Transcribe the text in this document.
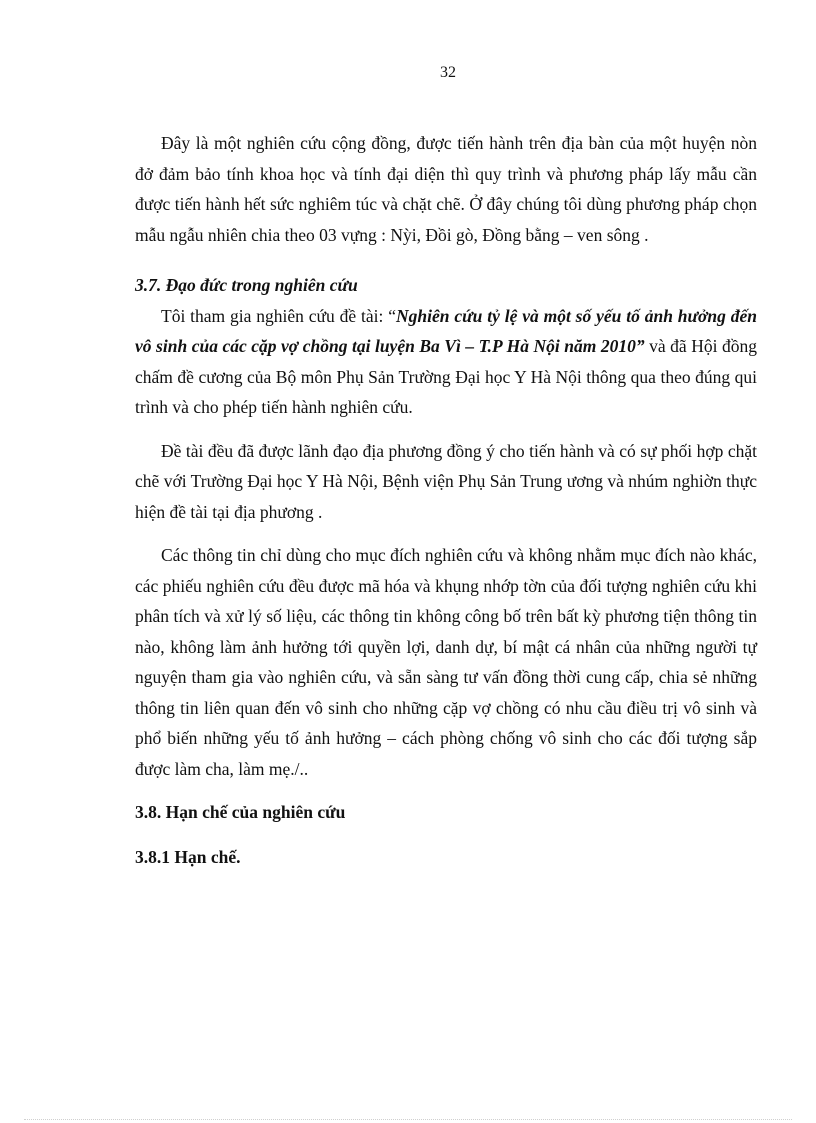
32

Đây là một nghiên cứu cộng đồng, được tiến hành trên địa bàn của một huyện nòn đở đảm bảo tính khoa học và tính đại diện thì quy trình và phương pháp lấy mẫu cần được tiến hành hết sức nghiêm túc và chặt chẽ. Ở đây chúng tôi dùng phương pháp chọn mẫu ngẫu nhiên chia theo 03 vựng : Nỳi, Đồi gò, Đồng bằng – ven sông .

3.7. Đạo đức trong nghiên cứu

Tôi tham gia nghiên cứu đề tài: “Nghiên cứu tỷ lệ và một số yếu tố ảnh hưởng đến vô sinh của các cặp vợ chồng tại luyện Ba Vì – T.P Hà Nội năm 2010” và đã Hội đồng chấm đề cương của Bộ môn Phụ Sản Trường Đại học Y Hà Nội thông qua theo đúng qui trình và cho phép tiến hành nghiên cứu.

Đề tài đều đã được lãnh đạo địa phương đồng ý cho tiến hành và có sự phối hợp chặt chẽ với Trường Đại học Y Hà Nội, Bệnh viện Phụ Sản Trung ương và nhúm nghiờn thực hiện đề tài tại địa phương .

Các thông tin chỉ dùng cho mục đích nghiên cứu và không nhằm mục đích nào khác, các phiếu nghiên cứu đều được mã hóa và khụng nhớp tờn của đối tượng nghiên cứu khi phân tích và xử lý số liệu, các thông tin không công bố trên bất kỳ phương tiện thông tin nào, không làm ảnh hưởng tới quyền lợi, danh dự, bí mật cá nhân của những người tự nguyện tham gia vào nghiên cứu, và sẵn sàng tư vấn đồng thời cung cấp, chia sẻ những thông tin liên quan đến vô sinh cho những cặp vợ chồng có nhu cầu điều trị vô sinh và phổ biến những yếu tố ảnh hưởng – cách phòng chống vô sinh cho các đối tượng sắp được làm cha, làm mẹ./..

3.8. Hạn chế của nghiên cứu

3.8.1 Hạn chế.
